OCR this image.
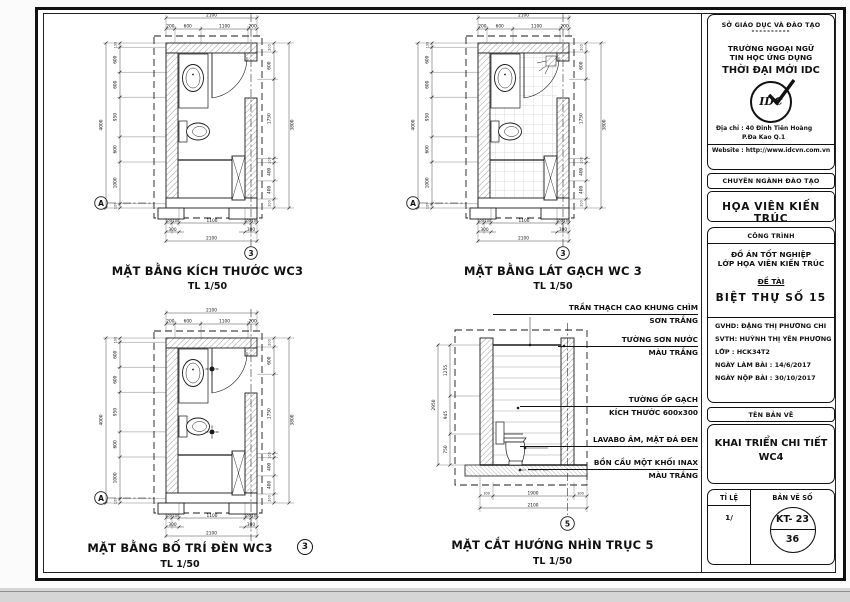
3
A
2100
200 600	1100	200
4000
100
600
600
950
600
1000
100
3800
200
600
1750
100
400
400
200
100 100	1100	100 100
300	300
2100
3
A
2100
200 600	1100	200
4000
100
600
600
950
600
1000
100
3800
200
600
1750
100
400
400
200
100 100	1100	100 100
300	300
2100
A
2100
200 600	1100	200
4000
100
600
600
950
600
1000
100
3800
200
600
1750
100
400
400
200
100 100	1100	100 100
300	300
2100
5
2950
1255
945
750
100	1900	100
2100
TRẦN THẠCH CAO KHUNG CHÌM
SƠN TRẮNG
TƯỜNG SƠN NƯỚC
MÀU TRẮNG
TƯỜNG ỐP GẠCH
KÍCH THƯỚC 600x300
LAVABO ÂM, MẶT ĐÁ ĐEN
BỒN CẦU MỘT KHỐI INAX
MÀU TRẮNG
MẶT BẰNG KÍCH THƯỚC WC3
TL 1/50
MẶT BẰNG LÁT GẠCH WC 3
TL 1/50
MẶT BẰNG BỐ TRÍ ĐÈN WC3
TL 1/50
3	MẶT CẮT HƯỚNG NHÌN TRỤC 5
TL 1/50
SỞ GIÁO DỤC VÀ ĐÀO TẠO
----------
TRƯỜNG NGOẠI NGỮ
TIN HỌC ỨNG DỤNG
THỜI ĐẠI MỚI IDC
IDC
Địa chỉ : 40 Đinh Tiên Hoàng
P.Đa Kao Q.1
Website : http://www.idcvn.com.vn
CHUYÊN NGÀNH ĐÀO TẠO
HỌA VIÊN KIẾN TRÚC
CÔNG TRÌNH
ĐỒ ÁN TỐT NGHIỆP
LỚP HỌA VIÊN KIẾN TRÚC
ĐỀ TÀI
BIỆT THỰ SỐ 15
GVHD: ĐẶNG THỊ PHƯƠNG CHI
SVTH: HUỲNH THỊ YÊN PHƯƠNG
LỚP : HCK34T2
NGÀY LÀM BÀI : 14/6/2017
NGÀY NỘP BÀI : 30/10/2017
TÊN BẢN VẼ
KHAI TRIỂN CHI TIẾT
WC4
TỈ LỆ
1/
BẢN VẼ SỐ
KT- 23
36
